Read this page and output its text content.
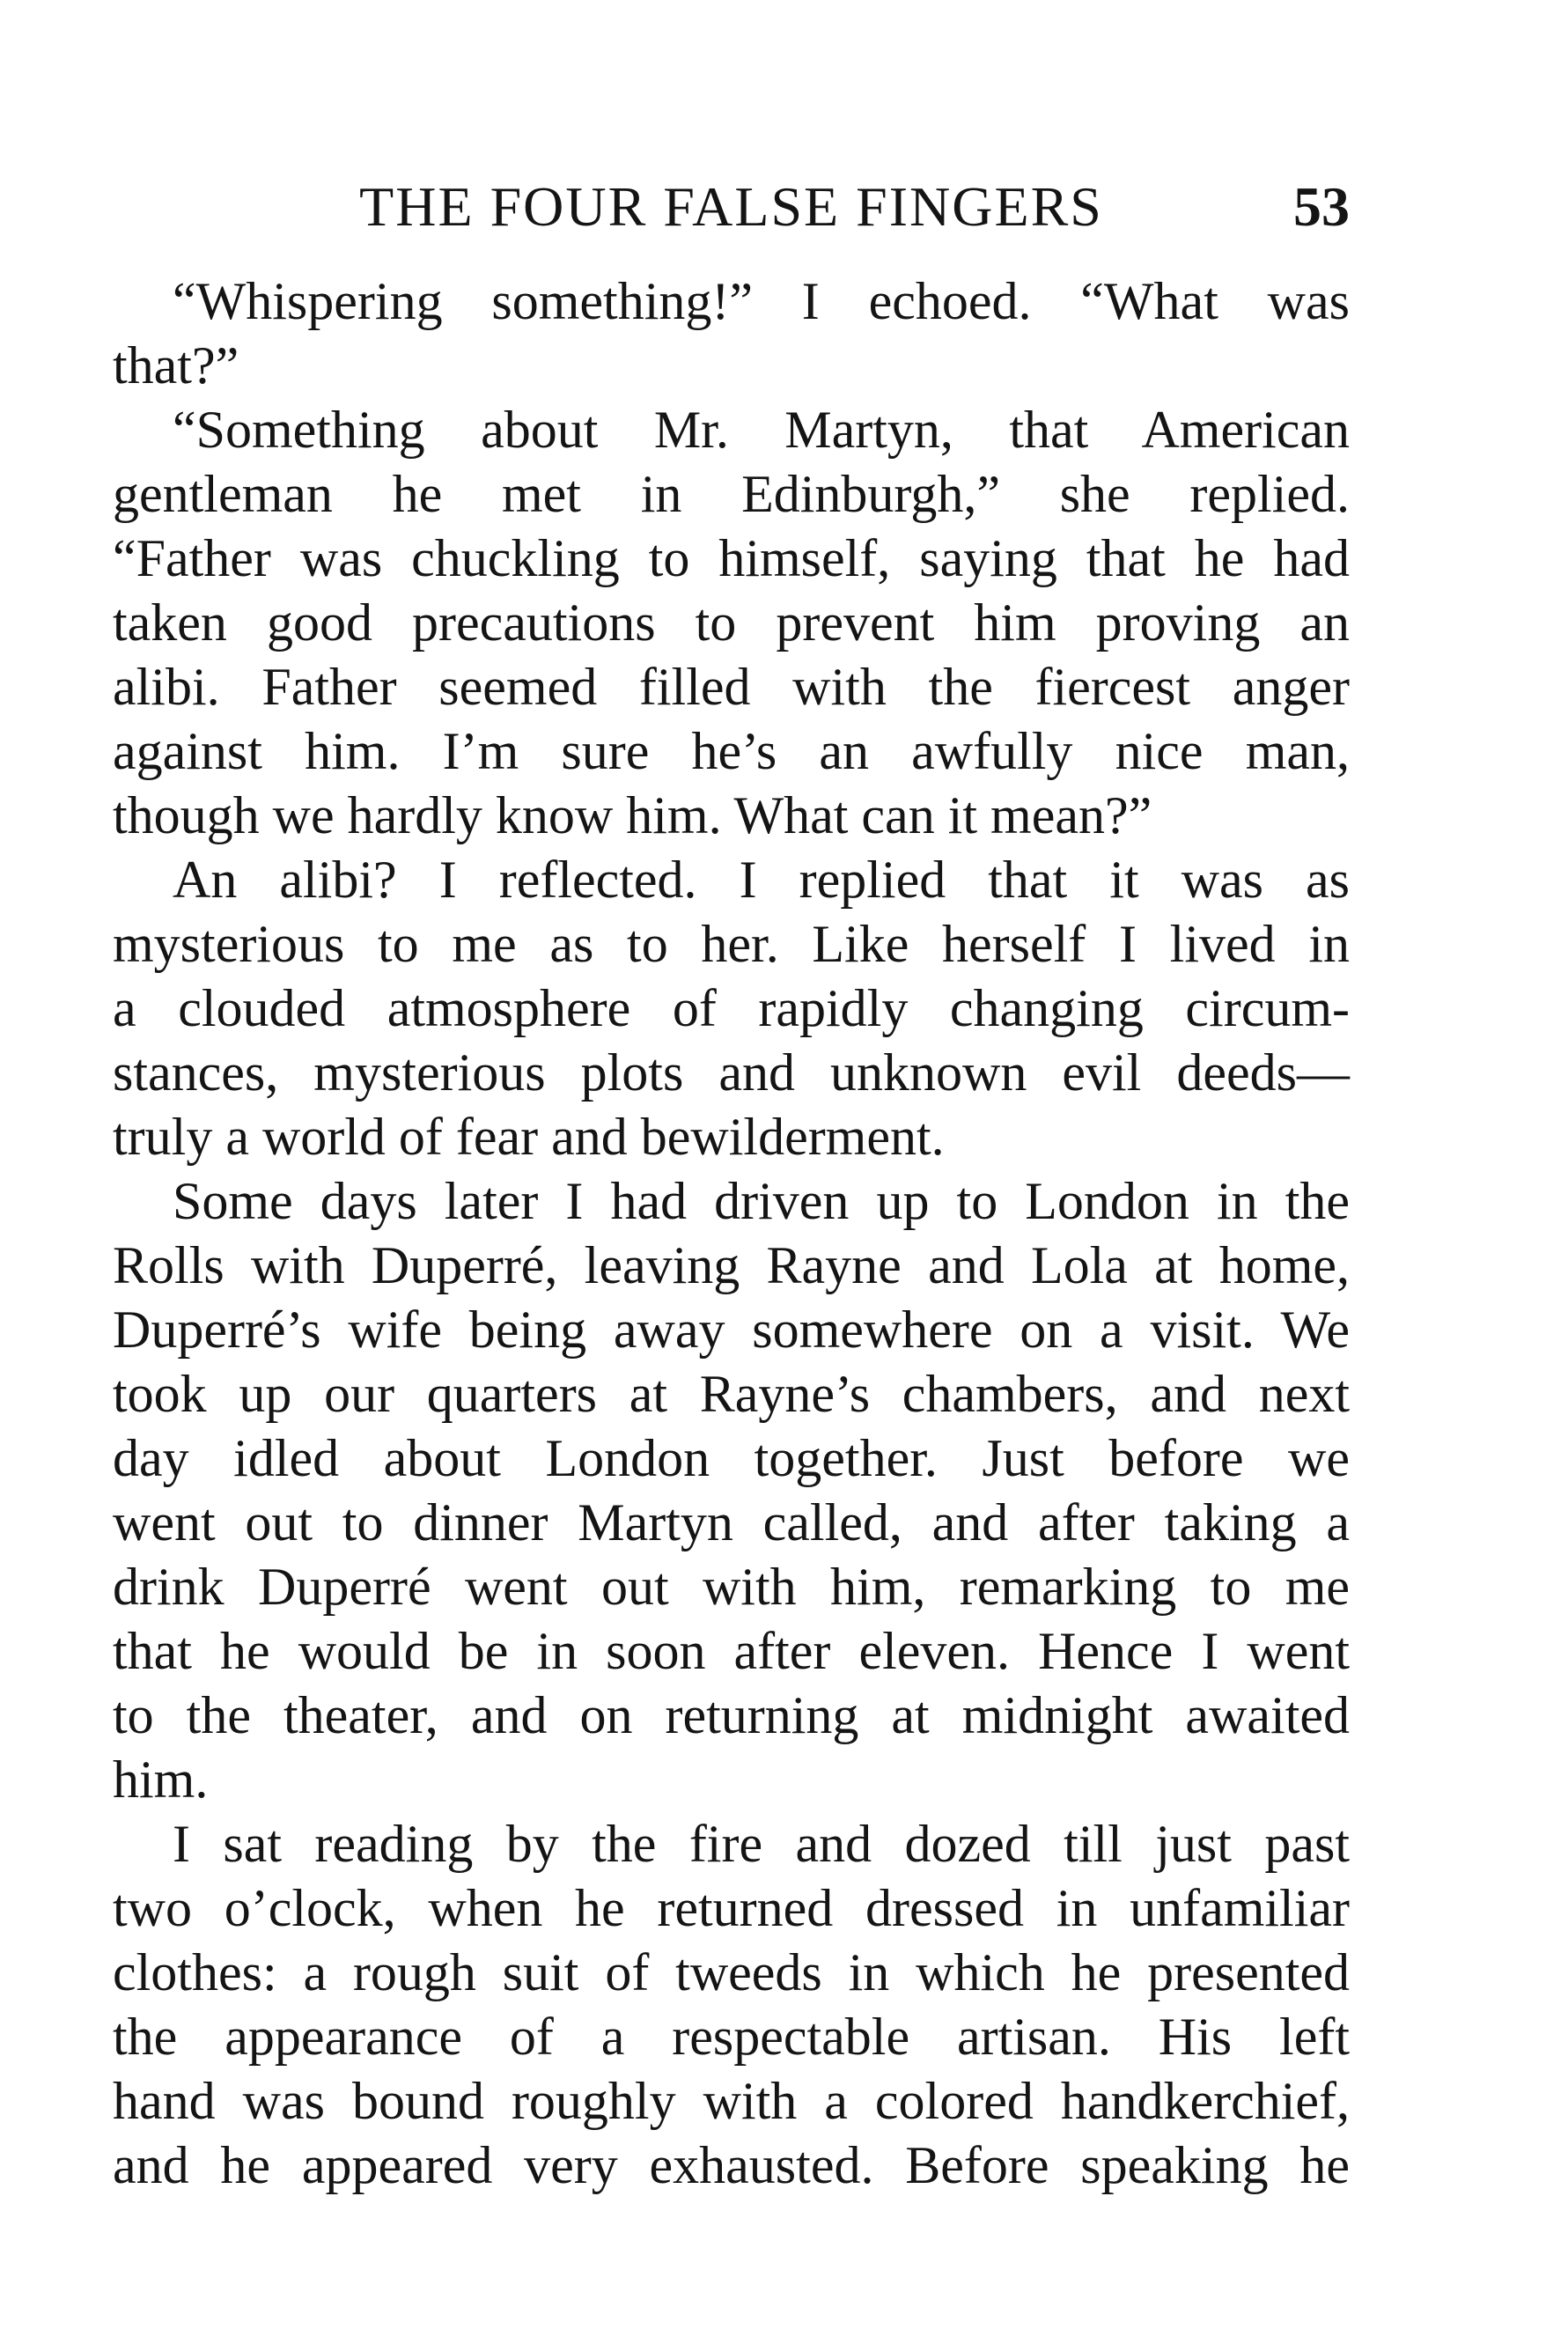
THE FOUR FALSE FINGERS	53

“Whispering something!” I echoed. “What was
that?”

“Something about Mr. Martyn, that American
gentleman he met in Edinburgh,” she replied.
“Father was chuckling to himself, saying that he had
taken good precautions to prevent him proving an
alibi. Father seemed filled with the fiercest anger
against him. I’m sure he’s an awfully nice man,
though we hardly know him. What can it mean?”

An alibi? I reflected. I replied that it was as
mysterious to me as to her. Like herself I lived in
a clouded atmosphere of rapidly changing circum-
stances, mysterious plots and unknown evil deeds—
truly a world of fear and bewilderment.

Some days later I had driven up to London in the
Rolls with Duperré, leaving Rayne and Lola at home,
Duperré’s wife being away somewhere on a visit. We
took up our quarters at Rayne’s chambers, and next
day idled about London together. Just before we
went out to dinner Martyn called, and after taking a
drink Duperré went out with him, remarking to me
that he would be in soon after eleven. Hence I went
to the theater, and on returning at midnight awaited
him.

I sat reading by the fire and dozed till just past
two o’clock, when he returned dressed in unfamiliar
clothes: a rough suit of tweeds in which he presented
the appearance of a respectable artisan. His left
hand was bound roughly with a colored handkerchief,
and he appeared very exhausted. Before speaking he
